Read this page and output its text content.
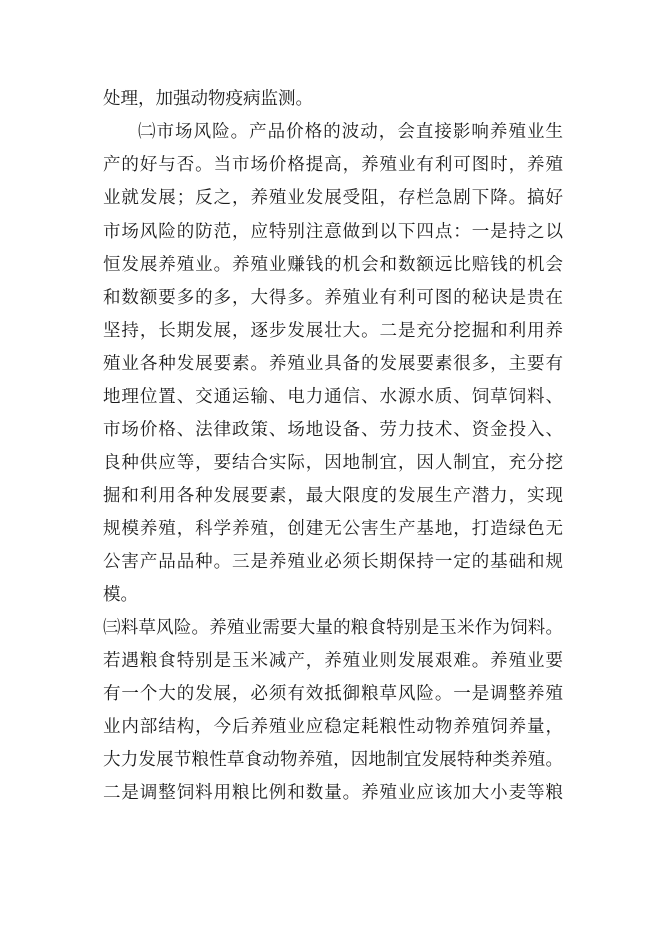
处理，加强动物疫病监测。
㈡市场风险。产品价格的波动，会直接影响养殖业生
产的好与否。当市场价格提高，养殖业有利可图时，养殖
业就发展；反之，养殖业发展受阻，存栏急剧下降。搞好
市场风险的防范，应特别注意做到以下四点：一是持之以
恒发展养殖业。养殖业赚钱的机会和数额远比赔钱的机会
和数额要多的多，大得多。养殖业有利可图的秘诀是贵在
坚持，长期发展，逐步发展壮大。二是充分挖掘和利用养
殖业各种发展要素。养殖业具备的发展要素很多，主要有
地理位置、交通运输、电力通信、水源水质、饲草饲料、
市场价格、法律政策、场地设备、劳力技术、资金投入、
良种供应等，要结合实际，因地制宜，因人制宜，充分挖
掘和利用各种发展要素，最大限度的发展生产潜力，实现
规模养殖，科学养殖，创建无公害生产基地，打造绿色无
公害产品品种。三是养殖业必须长期保持一定的基础和规
模。
㈢料草风险。养殖业需要大量的粮食特别是玉米作为饲料。
若遇粮食特别是玉米减产，养殖业则发展艰难。养殖业要
有一个大的发展，必须有效抵御粮草风险。一是调整养殖
业内部结构，今后养殖业应稳定耗粮性动物养殖饲养量，
大力发展节粮性草食动物养殖，因地制宜发展特种类养殖。
二是调整饲料用粮比例和数量。养殖业应该加大小麦等粮
